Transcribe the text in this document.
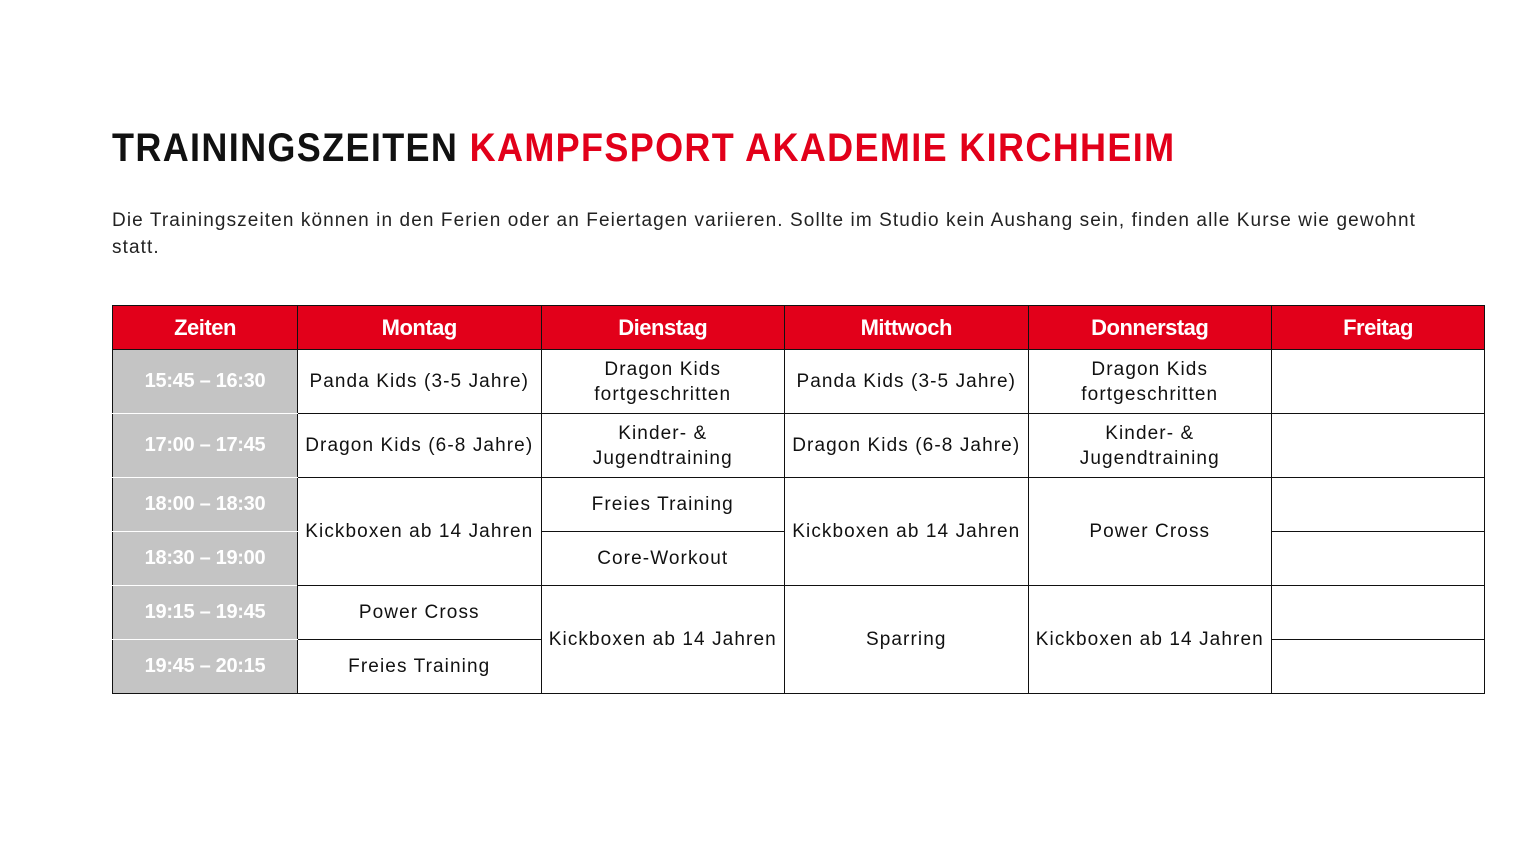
TRAININGSZEITEN KAMPFSPORT AKADEMIE KIRCHHEIM

Die Trainingszeiten können in den Ferien oder an Feiertagen variieren. Sollte im Studio kein Aushang sein, finden alle Kurse wie gewohnt statt.

Zeiten	Montag	Dienstag	Mittwoch	Donnerstag	Freitag
15:45 – 16:30	Panda Kids (3-5 Jahre)	Dragon Kids fortgeschritten	Panda Kids (3-5 Jahre)	Dragon Kids fortgeschritten	
17:00 – 17:45	Dragon Kids (6-8 Jahre)	Kinder- & Jugendtraining	Dragon Kids (6-8 Jahre)	Kinder- & Jugendtraining	
18:00 – 18:30	Kickboxen ab 14 Jahren	Freies Training	Kickboxen ab 14 Jahren	Power Cross	
18:30 – 19:00		Core-Workout			
19:15 – 19:45	Power Cross	Kickboxen ab 14 Jahren	Sparring	Kickboxen ab 14 Jahren	
19:45 – 20:15	Freies Training				
